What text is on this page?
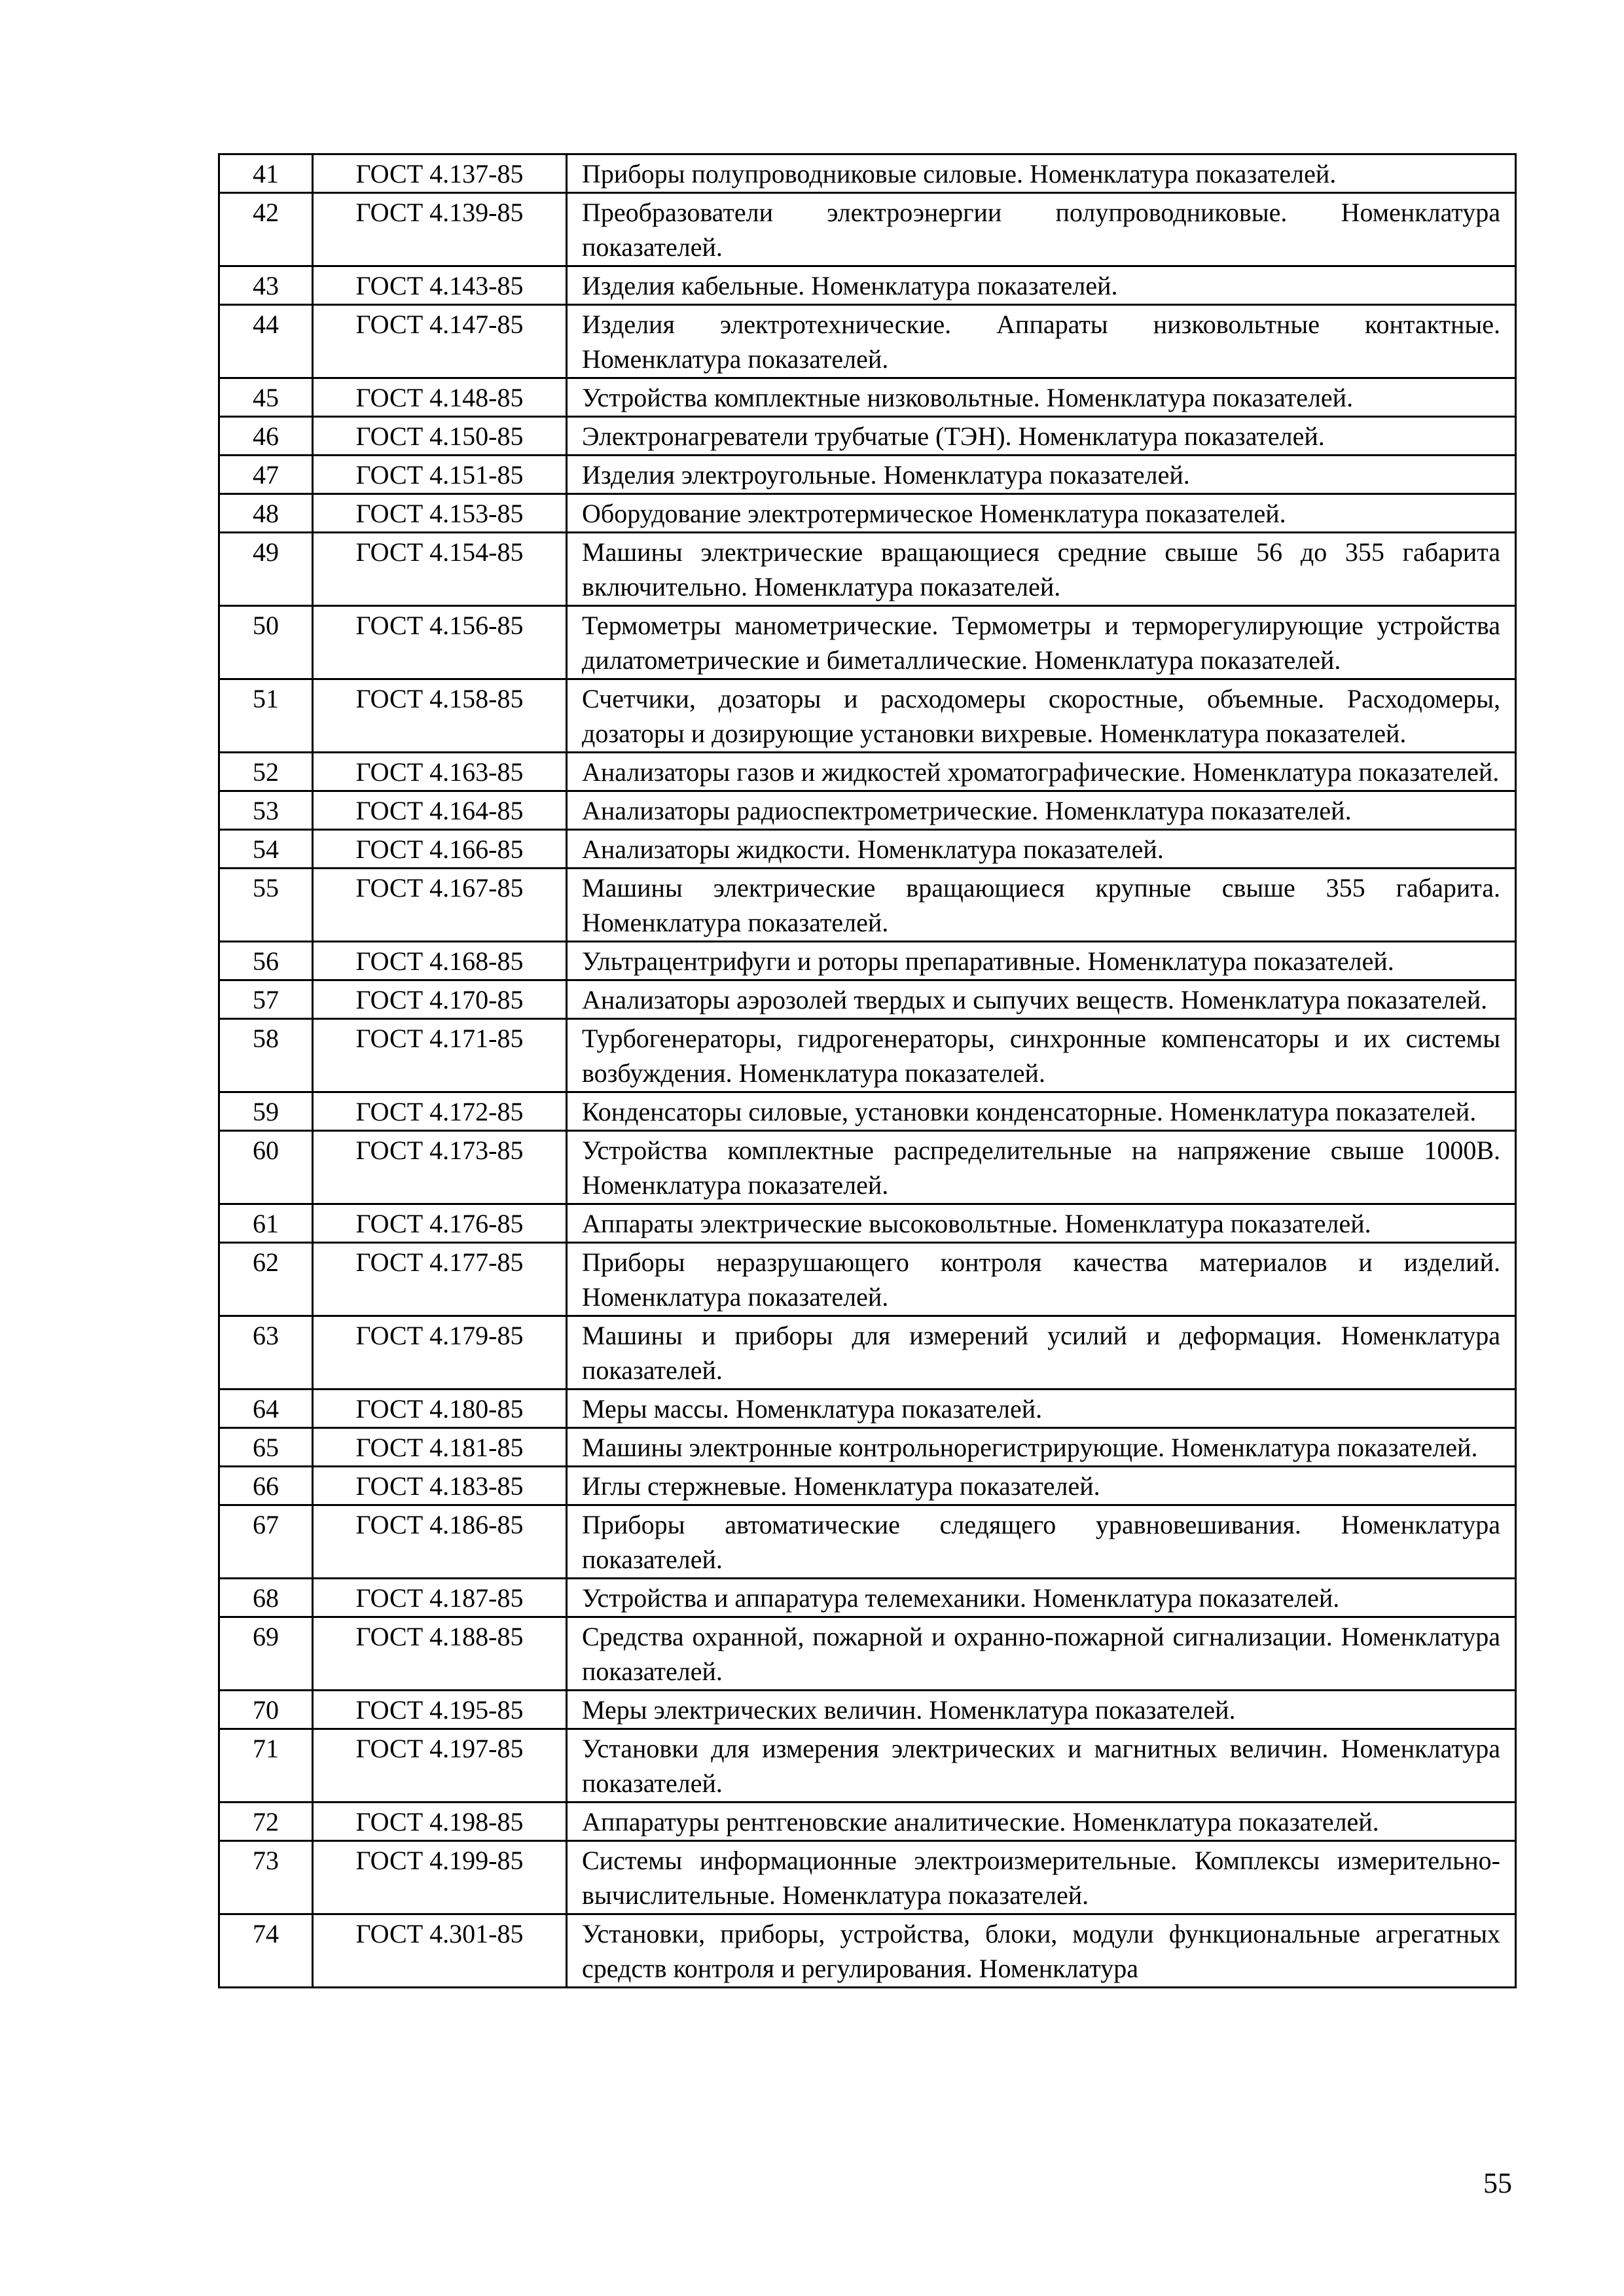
41	ГОСТ 4.137-85	Приборы полупроводниковые силовые. Номенклатура показателей.
42	ГОСТ 4.139-85	Преобразователи электроэнергии полупроводниковые. Номенклатура показателей.
43	ГОСТ 4.143-85	Изделия кабельные. Номенклатура показателей.
44	ГОСТ 4.147-85	Изделия электротехнические. Аппараты низковольтные контактные. Номенклатура показателей.
45	ГОСТ 4.148-85	Устройства комплектные низковольтные. Номенклатура показателей.
46	ГОСТ 4.150-85	Электронагреватели трубчатые (ТЭН). Номенклатура показателей.
47	ГОСТ 4.151-85	Изделия электроугольные. Номенклатура показателей.
48	ГОСТ 4.153-85	Оборудование электротермическое Номенклатура показателей.
49	ГОСТ 4.154-85	Машины электрические вращающиеся средние свыше 56 до 355 габарита включительно. Номенклатура показателей.
50	ГОСТ 4.156-85	Термометры манометрические. Термометры и терморегулирующие устройства дилатометрические и биметаллические. Номенклатура показателей.
51	ГОСТ 4.158-85	Счетчики, дозаторы и расходомеры скоростные, объемные. Расходомеры, дозаторы и дозирующие установки вихревые. Номенклатура показателей.
52	ГОСТ 4.163-85	Анализаторы газов и жидкостей хроматографические. Номенклатура показателей.
53	ГОСТ 4.164-85	Анализаторы радиоспектрометрические. Номенклатура показателей.
54	ГОСТ 4.166-85	Анализаторы жидкости. Номенклатура показателей.
55	ГОСТ 4.167-85	Машины электрические вращающиеся крупные свыше 355 габарита. Номенклатура показателей.
56	ГОСТ 4.168-85	Ультрацентрифуги и роторы препаративные. Номенклатура показателей.
57	ГОСТ 4.170-85	Анализаторы аэрозолей твердых и сыпучих веществ. Номенклатура показателей.
58	ГОСТ 4.171-85	Турбогенераторы, гидрогенераторы, синхронные компенсаторы и их системы возбуждения. Номенклатура показателей.
59	ГОСТ 4.172-85	Конденсаторы силовые, установки конденсаторные. Номенклатура показателей.
60	ГОСТ 4.173-85	Устройства комплектные распределительные на напряжение свыше 1000В. Номенклатура показателей.
61	ГОСТ 4.176-85	Аппараты электрические высоковольтные. Номенклатура показателей.
62	ГОСТ 4.177-85	Приборы неразрушающего контроля качества материалов и изделий. Номенклатура показателей.
63	ГОСТ 4.179-85	Машины и приборы для измерений усилий и деформация. Номенклатура показателей.
64	ГОСТ 4.180-85	Меры массы. Номенклатура показателей.
65	ГОСТ 4.181-85	Машины электронные контрольнорегистрирующие. Номенклатура показателей.
66	ГОСТ 4.183-85	Иглы стержневые. Номенклатура показателей.
67	ГОСТ 4.186-85	Приборы автоматические следящего уравновешивания. Номенклатура показателей.
68	ГОСТ 4.187-85	Устройства и аппаратура телемеханики. Номенклатура показателей.
69	ГОСТ 4.188-85	Средства охранной, пожарной и охранно-пожарной сигнализации. Номенклатура показателей.
70	ГОСТ 4.195-85	Меры электрических величин. Номенклатура показателей.
71	ГОСТ 4.197-85	Установки для измерения электрических и магнитных величин. Номенклатура показателей.
72	ГОСТ 4.198-85	Аппаратуры рентгеновские аналитические. Номенклатура показателей.
73	ГОСТ 4.199-85	Системы информационные электроизмерительные. Комплексы измерительно-вычислительные. Номенклатура показателей.
74	ГОСТ 4.301-85	Установки, приборы, устройства, блоки, модули функциональные агрегатных средств контроля и регулирования. Номенклатура
55
